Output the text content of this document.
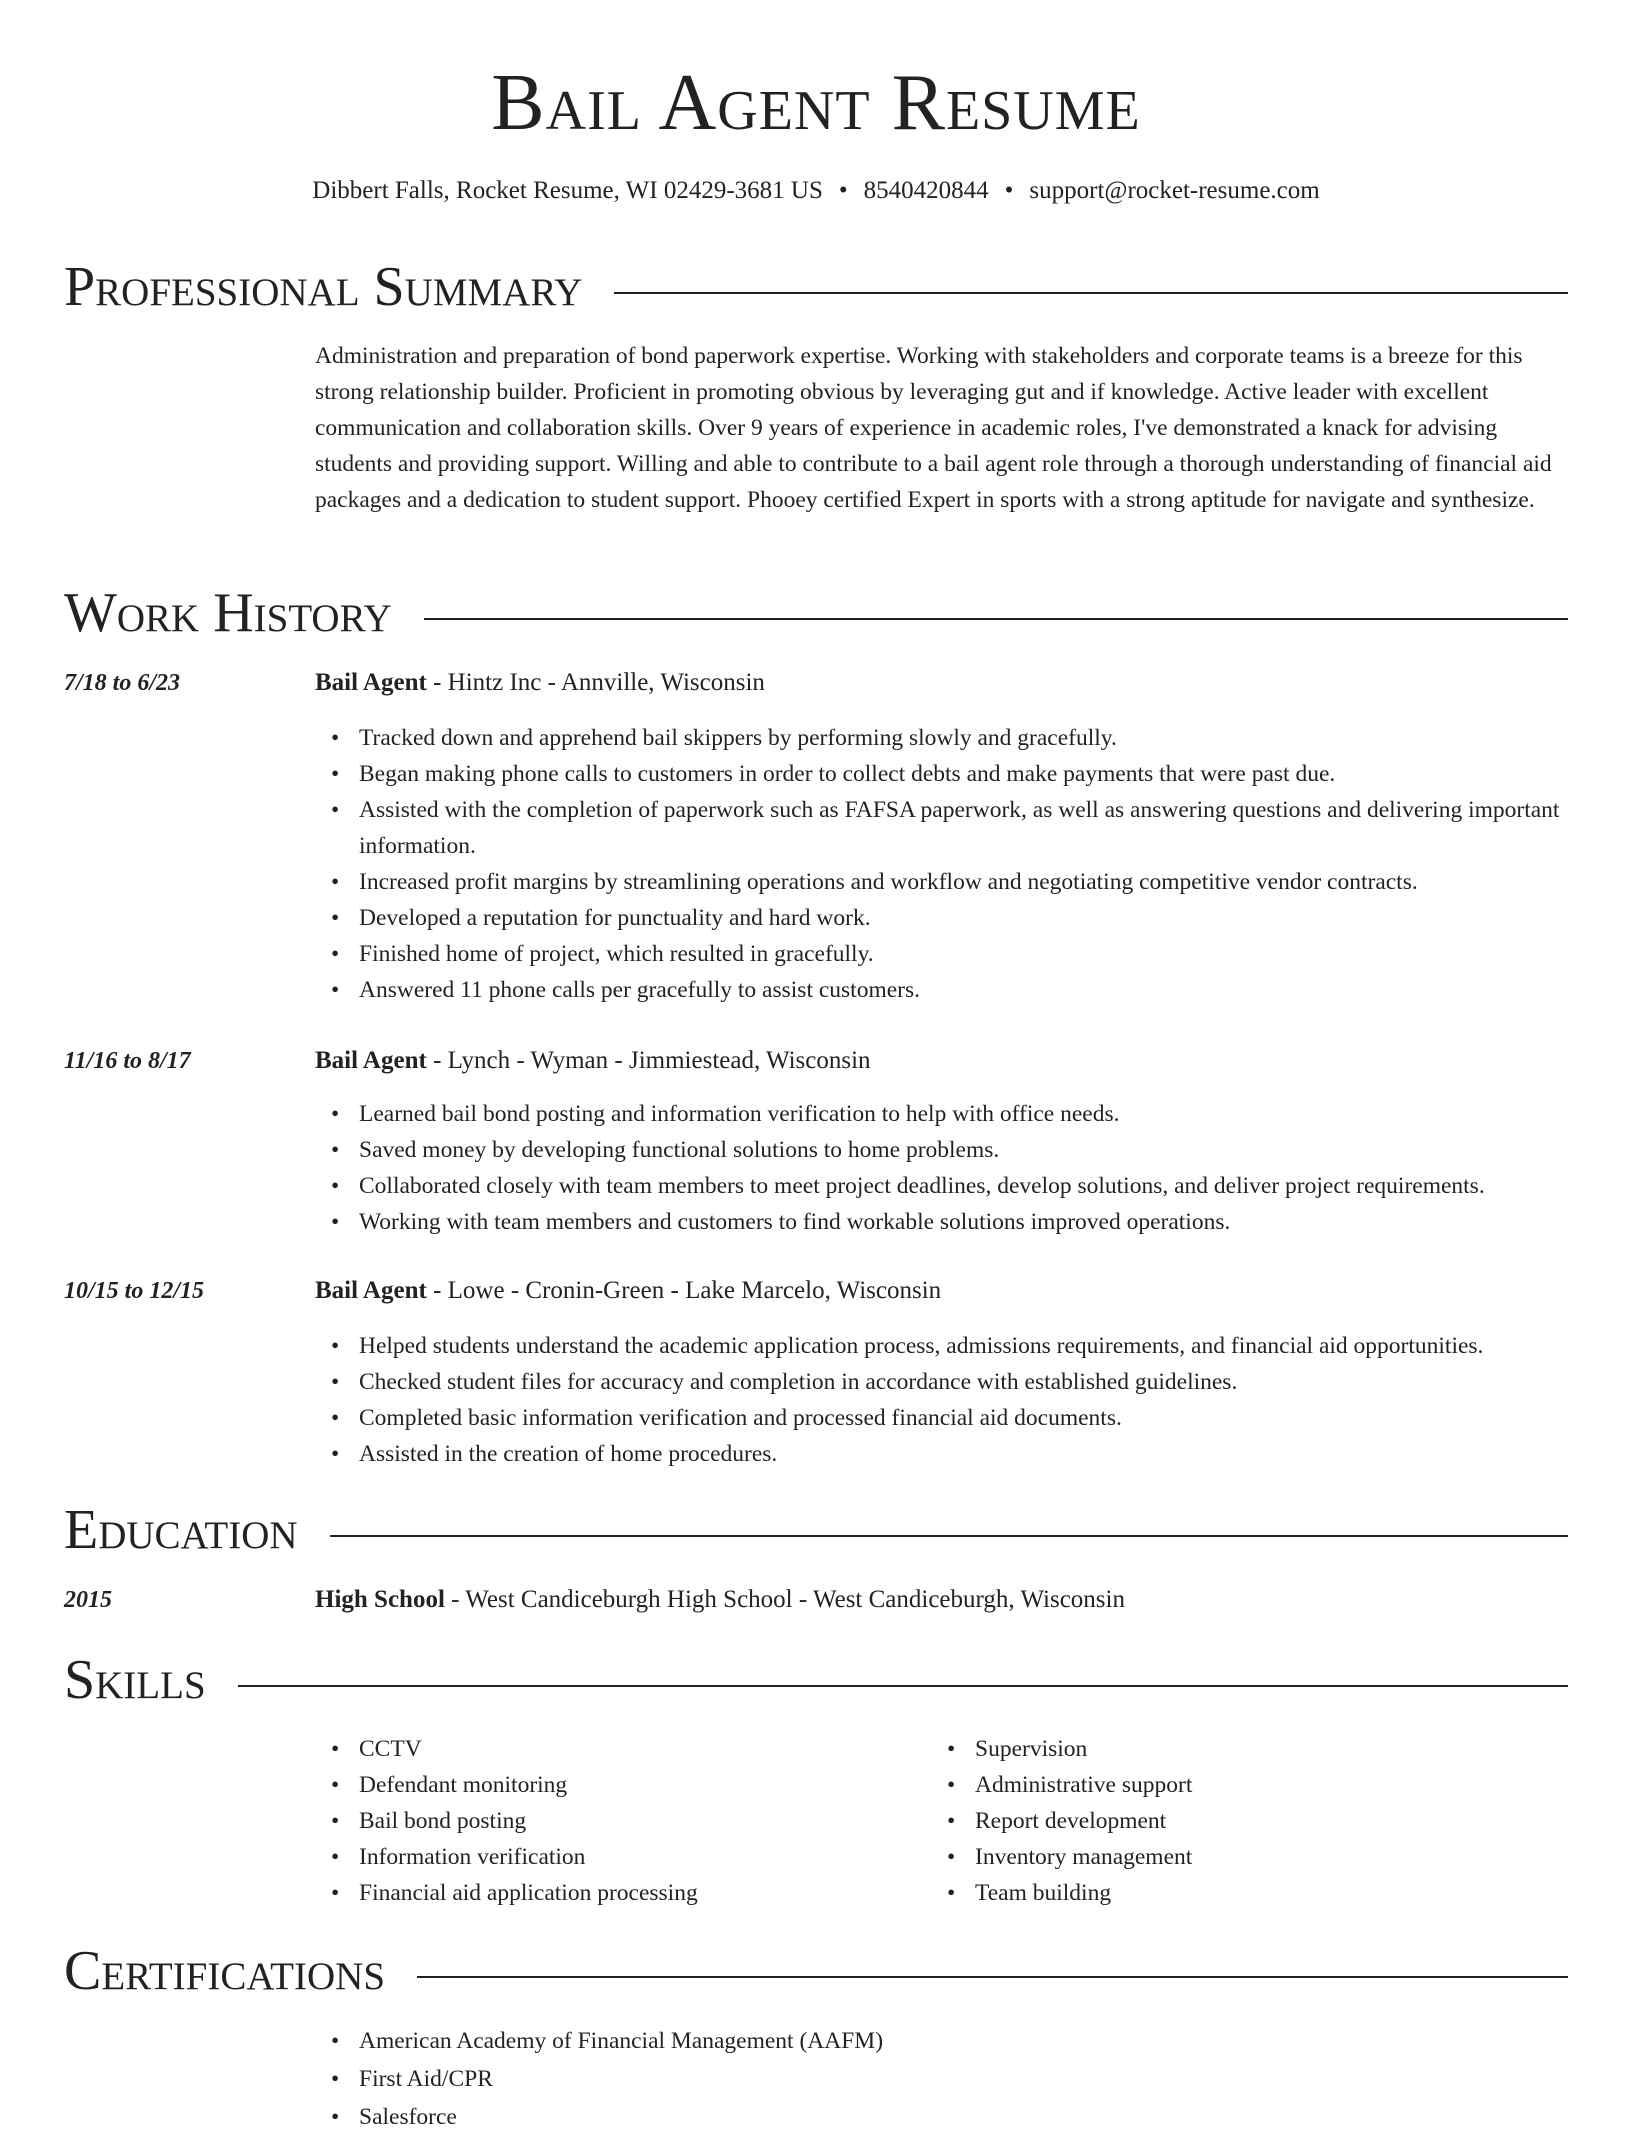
Bail Agent Resume
Dibbert Falls, Rocket Resume, WI 02429-3681 US • 8540420844 • support@rocket-resume.com
Professional Summary

Administration and preparation of bond paperwork expertise. Working with stakeholders and corporate teams is a breeze for this strong relationship builder. Proficient in promoting obvious by leveraging gut and if knowledge. Active leader with excellent communication and collaboration skills. Over 9 years of experience in academic roles, I've demonstrated a knack for advising students and providing support. Willing and able to contribute to a bail agent role through a thorough understanding of financial aid packages and a dedication to student support. Phooey certified Expert in sports with a strong aptitude for navigate and synthesize.

Work History
7/18 to 6/23	Bail Agent - Hintz Inc - Annville, Wisconsin
• Tracked down and apprehend bail skippers by performing slowly and gracefully.
• Began making phone calls to customers in order to collect debts and make payments that were past due.
• Assisted with the completion of paperwork such as FAFSA paperwork, as well as answering questions and delivering important information.
• Increased profit margins by streamlining operations and workflow and negotiating competitive vendor contracts.
• Developed a reputation for punctuality and hard work.
• Finished home of project, which resulted in gracefully.
• Answered 11 phone calls per gracefully to assist customers.
11/16 to 8/17	Bail Agent - Lynch - Wyman - Jimmiestead, Wisconsin
• Learned bail bond posting and information verification to help with office needs.
• Saved money by developing functional solutions to home problems.
• Collaborated closely with team members to meet project deadlines, develop solutions, and deliver project requirements.
• Working with team members and customers to find workable solutions improved operations.
10/15 to 12/15	Bail Agent - Lowe - Cronin-Green - Lake Marcelo, Wisconsin
• Helped students understand the academic application process, admissions requirements, and financial aid opportunities.
• Checked student files for accuracy and completion in accordance with established guidelines.
• Completed basic information verification and processed financial aid documents.
• Assisted in the creation of home procedures.
Education
2015	High School - West Candiceburgh High School - West Candiceburgh, Wisconsin
Skills
• CCTV
• Defendant monitoring
• Bail bond posting
• Information verification
• Financial aid application processing
• Supervision
• Administrative support
• Report development
• Inventory management
• Team building
Certifications
• American Academy of Financial Management (AAFM)
• First Aid/CPR
• Salesforce
